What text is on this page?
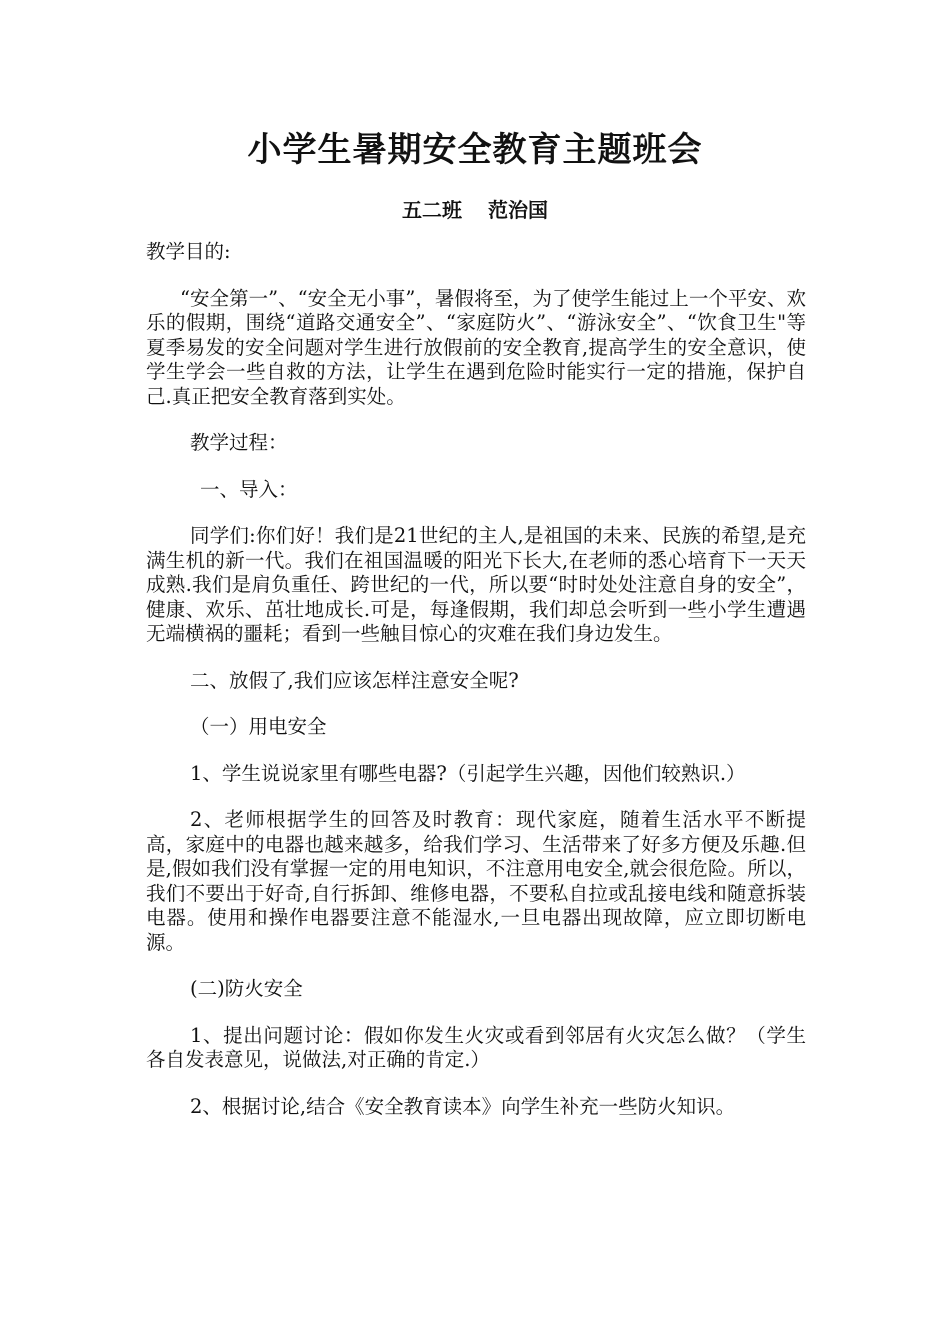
小学生暑期安全教育主题班会
五二班 范治国

教学目的:

“安全第一”、“安全无小事”，暑假将至，为了使学生能过上一个平安、欢乐的假期，围绕“道路交通安全”、“家庭防火”、“游泳安全”、“饮食卫生"等夏季易发的安全问题对学生进行放假前的安全教育,提高学生的安全意识，使学生学会一些自救的方法，让学生在遇到危险时能实行一定的措施，保护自己.真正把安全教育落到实处。

教学过程：

一、导入：

同学们:你们好！我们是21世纪的主人,是祖国的未来、民族的希望,是充满生机的新一代。我们在祖国温暖的阳光下长大,在老师的悉心培育下一天天成熟.我们是肩负重任、跨世纪的一代，所以要“时时处处注意自身的安全”，健康、欢乐、茁壮地成长.可是，每逢假期，我们却总会听到一些小学生遭遇无端横祸的噩耗；看到一些触目惊心的灾难在我们身边发生。

二、放假了,我们应该怎样注意安全呢?

（一）用电安全

1、学生说说家里有哪些电器?（引起学生兴趣，因他们较熟识.）

2、老师根据学生的回答及时教育：现代家庭，随着生活水平不断提高，家庭中的电器也越来越多，给我们学习、生活带来了好多方便及乐趣.但是,假如我们没有掌握一定的用电知识，不注意用电安全,就会很危险。所以，我们不要出于好奇,自行拆卸、维修电器，不要私自拉或乱接电线和随意拆装电器。使用和操作电器要注意不能湿水,一旦电器出现故障，应立即切断电源。

(二)防火安全

1、提出问题讨论：假如你发生火灾或看到邻居有火灾怎么做？（学生各自发表意见，说做法,对正确的肯定.）

2、根据讨论,结合《安全教育读本》向学生补充一些防火知识。
